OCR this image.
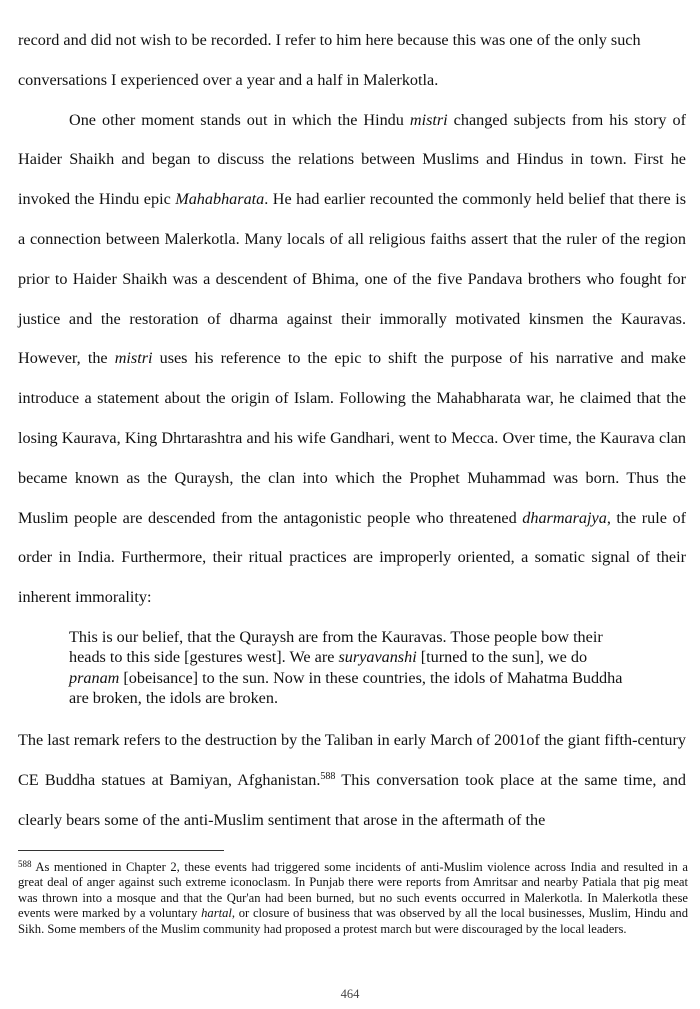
record and did not wish to be recorded. I refer to him here because this was one of the only such

conversations I experienced over a year and a half in Malerkotla.

One other moment stands out in which the Hindu mistri changed subjects from his story of Haider Shaikh and began to discuss the relations between Muslims and Hindus in town. First he invoked the Hindu epic Mahabharata. He had earlier recounted the commonly held belief that there is a connection between Malerkotla. Many locals of all religious faiths assert that the ruler of the region prior to Haider Shaikh was a descendent of Bhima, one of the five Pandava brothers who fought for justice and the restoration of dharma against their immorally motivated kinsmen the Kauravas. However, the mistri uses his reference to the epic to shift the purpose of his narrative and make introduce a statement about the origin of Islam. Following the Mahabharata war, he claimed that the losing Kaurava, King Dhrtarashtra and his wife Gandhari, went to Mecca. Over time, the Kaurava clan became known as the Quraysh, the clan into which the Prophet Muhammad was born. Thus the Muslim people are descended from the antagonistic people who threatened dharmarajya, the rule of order in India. Furthermore, their ritual practices are improperly oriented, a somatic signal of their inherent immorality:

This is our belief, that the Quraysh are from the Kauravas. Those people bow their heads to this side [gestures west]. We are suryavanshi [turned to the sun], we do pranam [obeisance] to the sun. Now in these countries, the idols of Mahatma Buddha are broken, the idols are broken.

The last remark refers to the destruction by the Taliban in early March of 2001of the giant fifth-century CE Buddha statues at Bamiyan, Afghanistan.$^{588}$ This conversation took place at the same time, and clearly bears some of the anti-Muslim sentiment that arose in the aftermath of the

$^{588}$ As mentioned in Chapter 2, these events had triggered some incidents of anti-Muslim violence across India and resulted in a great deal of anger against such extreme iconoclasm. In Punjab there were reports from Amritsar and nearby Patiala that pig meat was thrown into a mosque and that the Qur'an had been burned, but no such events occurred in Malerkotla. In Malerkotla these events were marked by a voluntary hartal, or closure of business that was observed by all the local businesses, Muslim, Hindu and Sikh. Some members of the Muslim community had proposed a protest march but were discouraged by the local leaders.

464
